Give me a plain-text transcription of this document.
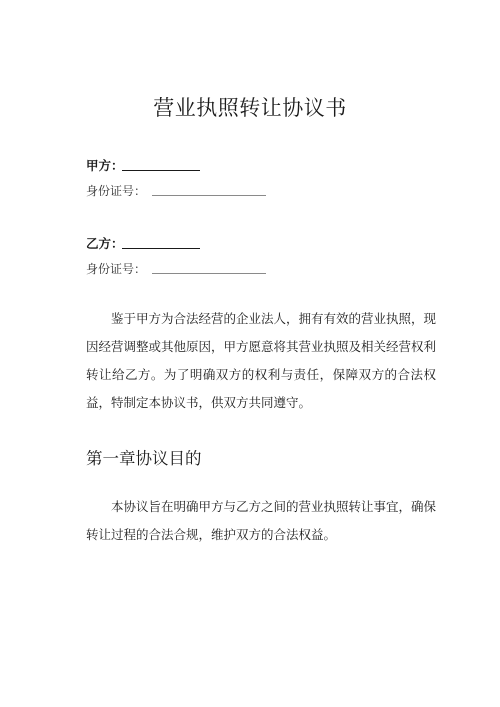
营业执照转让协议书
甲方：
身份证号：
乙方：
身份证号：

鉴于甲方为合法经营的企业法人，拥有有效的营业执照，现因经营调整或其他原因，甲方愿意将其营业执照及相关经营权利转让给乙方。为了明确双方的权利与责任，保障双方的合法权益，特制定本协议书，供双方共同遵守。

第一章协议目的

本协议旨在明确甲方与乙方之间的营业执照转让事宜，确保转让过程的合法合规，维护双方的合法权益。
